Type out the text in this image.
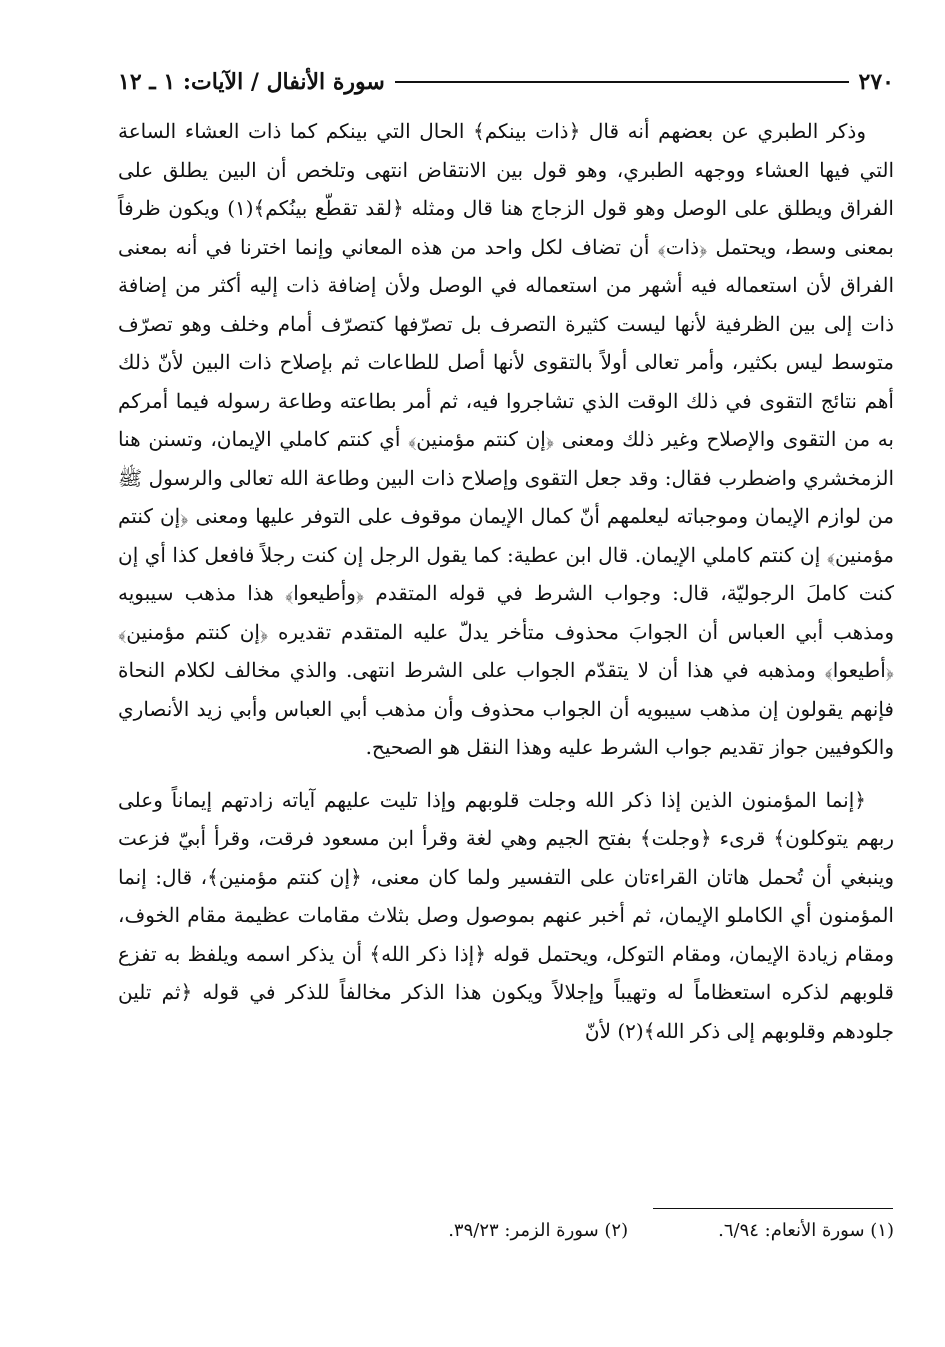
٢٧٠
سورة الأنفال / الآيات: ١ ـ ١٢

وذكر الطبري عن بعضهم أنه قال ﴿ذات بينكم﴾ الحال التي بينكم كما ذات العشاء الساعة التي فيها العشاء ووجهه الطبري، وهو قول بين الانتقاض انتهى وتلخص أن البين يطلق على الفراق ويطلق على الوصل وهو قول الزجاج هنا قال ومثله ﴿لقد تقطّع بينُكم﴾(١) ويكون ظرفاً بمعنى وسط، ويحتمل ﴿ذات﴾ أن تضاف لكل واحد من هذه المعاني وإنما اخترنا في أنه بمعنى الفراق لأن استعماله فيه أشهر من استعماله في الوصل ولأن إضافة ذات إليه أكثر من إضافة ذات إلى بين الظرفية لأنها ليست كثيرة التصرف بل تصرّفها كتصرّف أمام وخلف وهو تصرّف متوسط ليس بكثير، وأمر تعالى أولاً بالتقوى لأنها أصل للطاعات ثم بإصلاح ذات البين لأنّ ذلك أهم نتائج التقوى في ذلك الوقت الذي تشاجروا فيه، ثم أمر بطاعته وطاعة رسوله فيما أمركم به من التقوى والإصلاح وغير ذلك ومعنى ﴿إن كنتم مؤمنين﴾ أي كنتم كاملي الإيمان، وتسنن هنا الزمخشري واضطرب فقال: وقد جعل التقوى وإصلاح ذات البين وطاعة الله تعالى والرسول ﷺ من لوازم الإيمان وموجباته ليعلمهم أنّ كمال الإيمان موقوف على التوفر عليها ومعنى ﴿إن كنتم مؤمنين﴾ إن كنتم كاملي الإيمان. قال ابن عطية: كما يقول الرجل إن كنت رجلاً فافعل كذا أي إن كنت كاملَ الرجوليّة، قال: وجواب الشرط في قوله المتقدم ﴿وأطيعوا﴾ هذا مذهب سيبويه ومذهب أبي العباس أن الجوابَ محذوف متأخر يدلّ عليه المتقدم تقديره ﴿إن كنتم مؤمنين﴾ ﴿أطيعوا﴾ ومذهبه في هذا أن لا يتقدّم الجواب على الشرط انتهى. والذي مخالف لكلام النحاة فإنهم يقولون إن مذهب سيبويه أن الجواب محذوف وأن مذهب أبي العباس وأبي زيد الأنصاري والكوفيين جواز تقديم جواب الشرط عليه وهذا النقل هو الصحيح.

﴿إنما المؤمنون الذين إذا ذكر الله وجلت قلوبهم وإذا تليت عليهم آياته زادتهم إيماناً وعلى ربهم يتوكلون﴾ قرىء ﴿وجلت﴾ بفتح الجيم وهي لغة وقرأ ابن مسعود فرقت، وقرأ أبيّ فزعت وينبغي أن تُحمل هاتان القراءتان على التفسير ولما كان معنى، ﴿إن كنتم مؤمنين﴾، قال: إنما المؤمنون أي الكاملو الإيمان، ثم أخبر عنهم بموصول وصل بثلاث مقامات عظيمة مقام الخوف، ومقام زيادة الإيمان، ومقام التوكل، ويحتمل قوله ﴿إذا ذكر الله﴾ أن يذكر اسمه ويلفظ به تفزع قلوبهم لذكره استعظاماً له وتهيباً وإجلالاً ويكون هذا الذكر مخالفاً للذكر في قوله ﴿ثم تلين جلودهم وقلوبهم إلى ذكر الله﴾(٢) لأنّ

(١) سورة الأنعام: ٦/٩٤.
(٢) سورة الزمر: ٣٩/٢٣.
